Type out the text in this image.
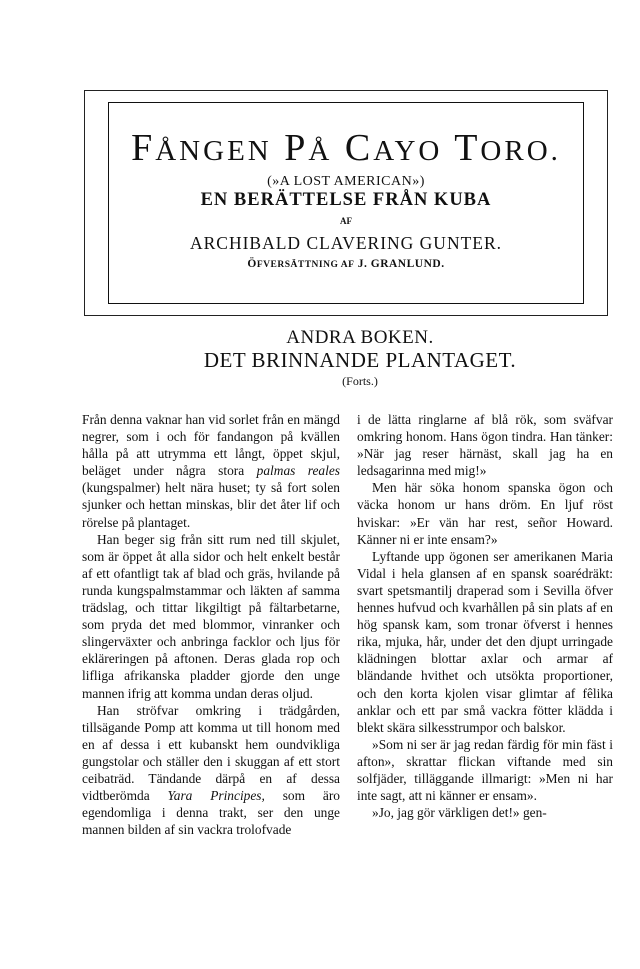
FÅNGEN PÅ CAYO TORO.
(»A LOST AMERICAN»)
EN BERÄTTELSE FRÅN KUBA
AF
ARCHIBALD CLAVERING GUNTER.
ÖFVERSÄTTNING AF J. GRANLUND.
ANDRA BOKEN.
DET BRINNANDE PLANTAGET.
(Forts.)

Från denna vaknar han vid sorlet från en mängd negrer, som i och för fandangon på kvällen hålla på att utrymma ett långt, öppet skjul, beläget under några stora palmas reales (kungspalmer) helt nära huset; ty så fort solen sjunker och hettan minskas, blir det åter lif och rörelse på plantaget.

Han beger sig från sitt rum ned till skjulet, som är öppet åt alla sidor och helt enkelt består af ett ofantligt tak af blad och gräs, hvilande på runda kungspalmstammar och läkten af samma trädslag, och tittar likgiltigt på fältarbetarne, som pryda det med blommor, vinranker och slingerväxter och anbringa facklor och ljus för ekläreringen på aftonen. Deras glada rop och lifliga afrikanska pladder gjorde den unge mannen ifrig att komma undan deras oljud.

Han ströfvar omkring i trädgården, tillsägande Pomp att komma ut till honom med en af dessa i ett kubanskt hem oundvikliga gungstolar och ställer den i skuggan af ett stort ceibaträd. Tändande därpå en af dessa vidtberömda Yara Principes, som äro egendomliga i denna trakt, ser den unge mannen bilden af sin vackra trolofvade

i de lätta ringlarne af blå rök, som sväfvar omkring honom. Hans ögon tindra. Han tänker: »När jag reser härnäst, skall jag ha en ledsagarinna med mig!»

Men här söka honom spanska ögon och väcka honom ur hans dröm. En ljuf röst hviskar: »Er vän har rest, señor Howard. Känner ni er inte ensam?»

Lyftande upp ögonen ser amerikanen Maria Vidal i hela glansen af en spansk soarédräkt: svart spetsmantilj draperad som i Sevilla öfver hennes hufvud och kvarhållen på sin plats af en hög spansk kam, som tronar öfverst i hennes rika, mjuka, hår, under det den djupt urringade klädningen blottar axlar och armar af bländande hvithet och utsökta proportioner, och den korta kjolen visar glimtar af fêlika anklar och ett par små vackra fötter klädda i blekt skära silkesstrumpor och balskor.

»Som ni ser är jag redan färdig för min fäst i afton», skrattar flickan viftande med sin solfjäder, tilläggande illmarigt: »Men ni har inte sagt, att ni känner er ensam».

»Jo, jag gör värkligen det!» gen-
